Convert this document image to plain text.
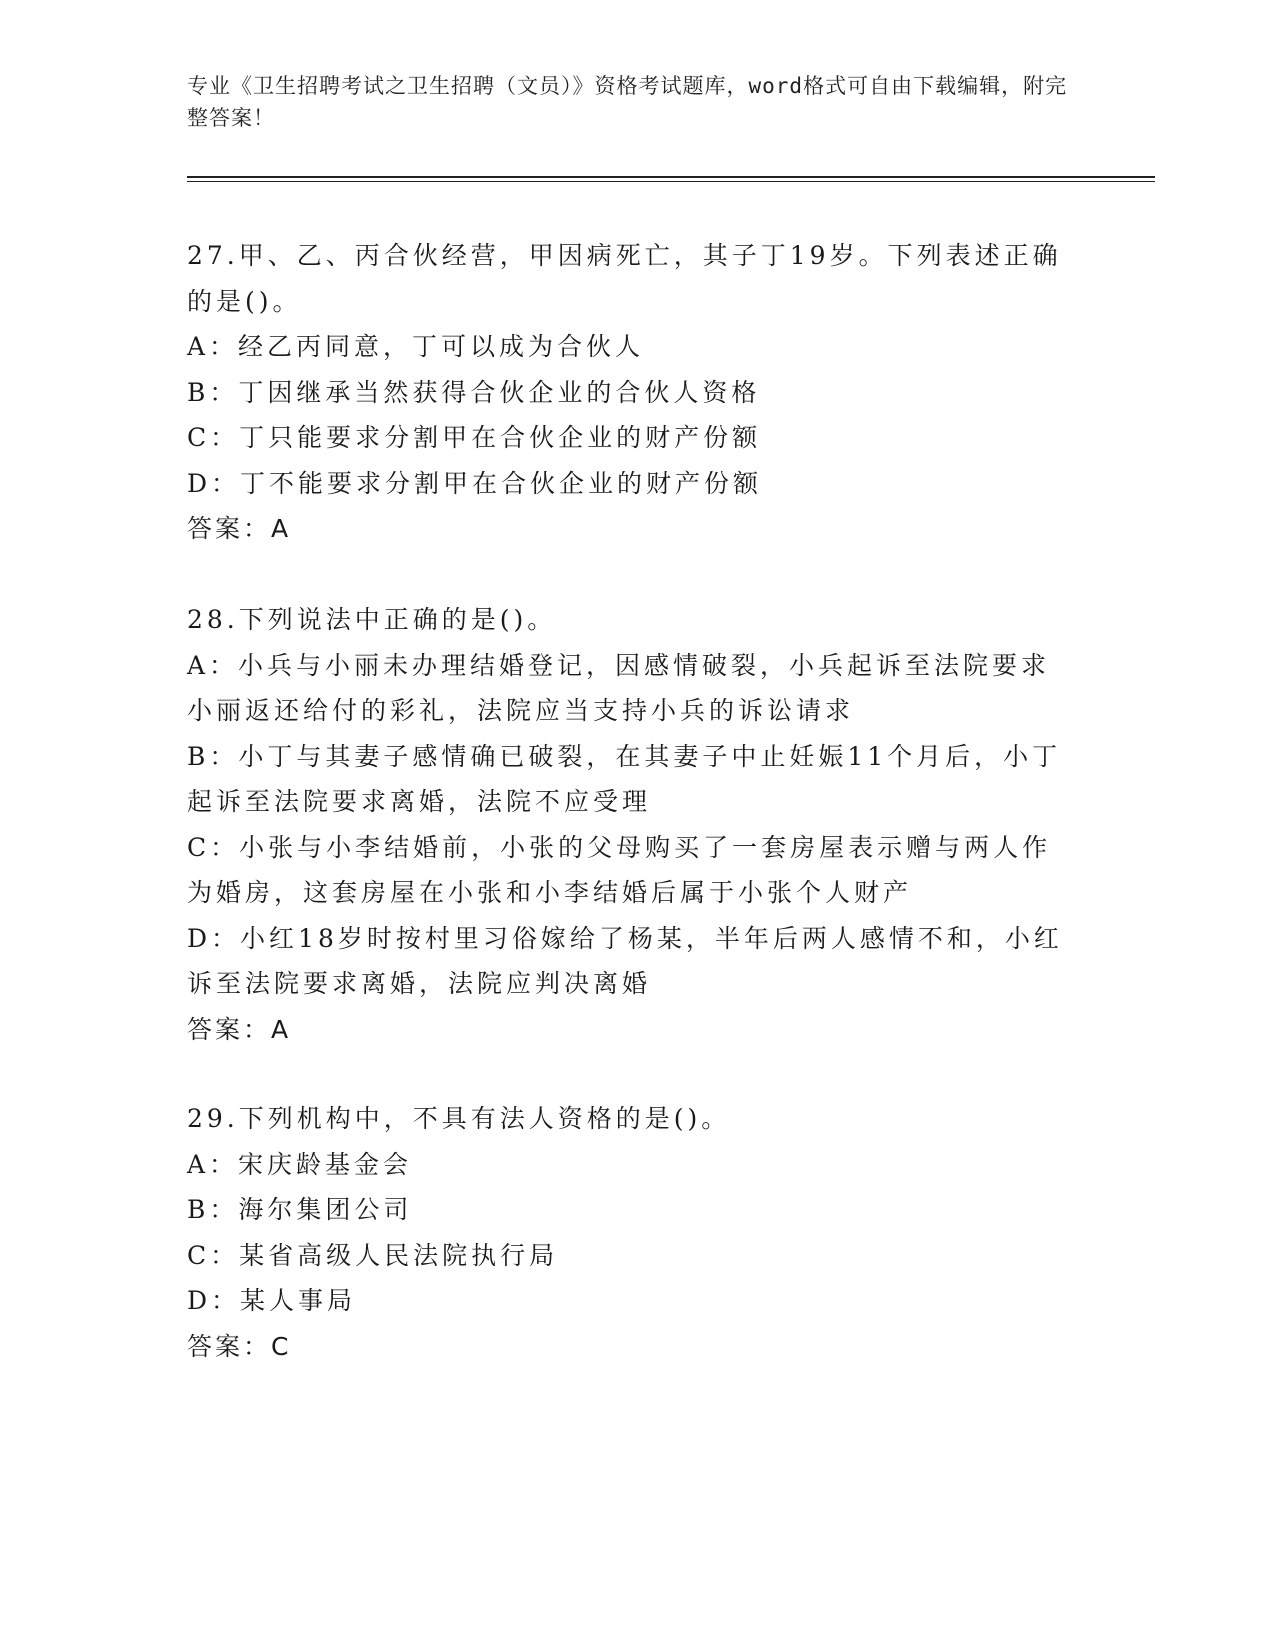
专业《卫生招聘考试之卫生招聘（文员）》资格考试题库，word格式可自由下载编辑，附完整答案！
27.甲、乙、丙合伙经营，甲因病死亡，其子丁19岁。下列表述正确的是()。
A：经乙丙同意，丁可以成为合伙人
B：丁因继承当然获得合伙企业的合伙人资格
C：丁只能要求分割甲在合伙企业的财产份额
D：丁不能要求分割甲在合伙企业的财产份额
答案：A
28.下列说法中正确的是()。
A：小兵与小丽未办理结婚登记，因感情破裂，小兵起诉至法院要求小丽返还给付的彩礼，法院应当支持小兵的诉讼请求
B：小丁与其妻子感情确已破裂，在其妻子中止妊娠11个月后，小丁起诉至法院要求离婚，法院不应受理
C：小张与小李结婚前，小张的父母购买了一套房屋表示赠与两人作为婚房，这套房屋在小张和小李结婚后属于小张个人财产
D：小红18岁时按村里习俗嫁给了杨某，半年后两人感情不和，小红诉至法院要求离婚，法院应判决离婚
答案：A
29.下列机构中，不具有法人资格的是()。
A：宋庆龄基金会
B：海尔集团公司
C：某省高级人民法院执行局
D：某人事局
答案：C
